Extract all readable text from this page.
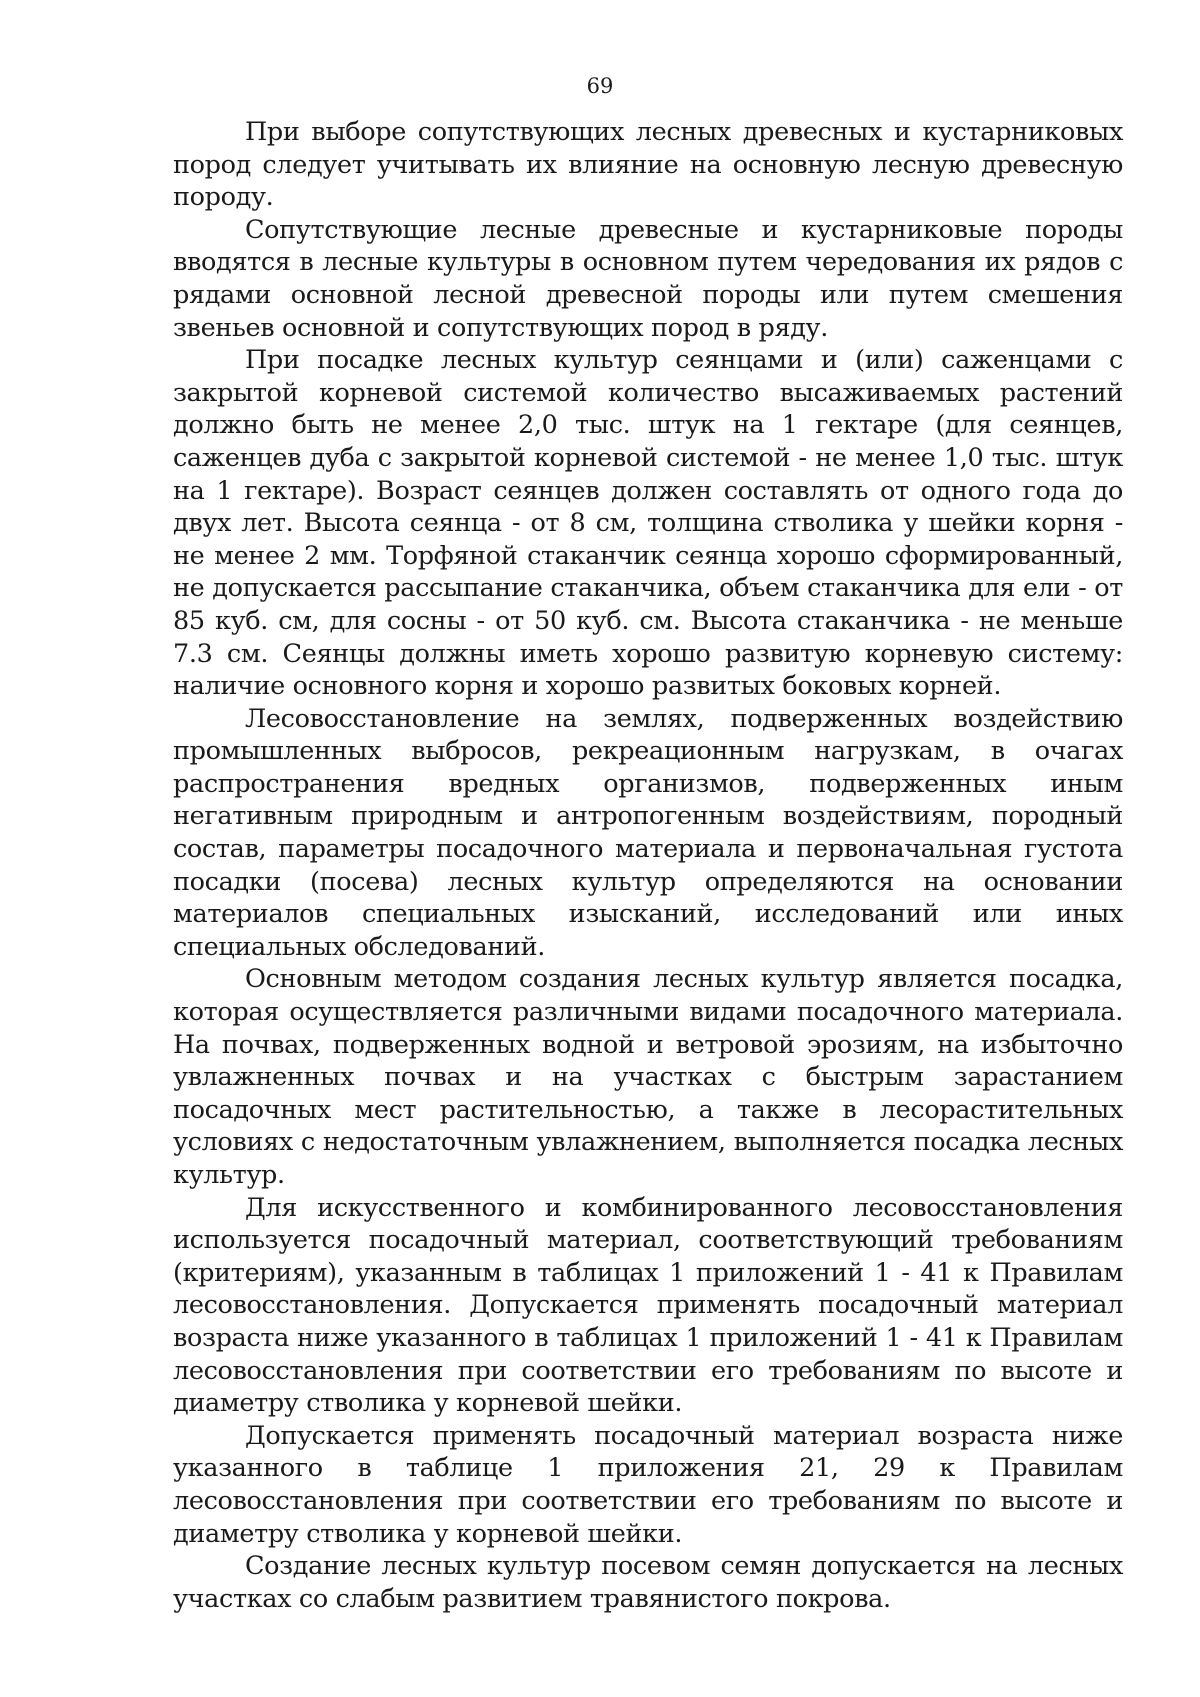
69

При выборе сопутствующих лесных древесных и кустарниковых пород следует учитывать их влияние на основную лесную древесную породу.

Сопутствующие лесные древесные и кустарниковые породы вводятся в лесные культуры в основном путем чередования их рядов с рядами основной лесной древесной породы или путем смешения звеньев основной и сопутствующих пород в ряду.

При посадке лесных культур сеянцами и (или) саженцами с закрытой корневой системой количество высаживаемых растений должно быть не менее 2,0 тыс. штук на 1 гектаре (для сеянцев, саженцев дуба с закрытой корневой системой - не менее 1,0 тыс. штук на 1 гектаре). Возраст сеянцев должен составлять от одного года до двух лет. Высота сеянца - от 8 см, толщина стволика у шейки корня - не менее 2 мм. Торфяной стаканчик сеянца хорошо сформированный, не допускается рассыпание стаканчика, объем стаканчика для ели - от 85 куб. см, для сосны - от 50 куб. см. Высота стаканчика - не меньше 7.3 см. Сеянцы должны иметь хорошо развитую корневую систему: наличие основного корня и хорошо развитых боковых корней.

Лесовосстановление на землях, подверженных воздействию промышленных выбросов, рекреационным нагрузкам, в очагах распространения вредных организмов, подверженных иным негативным природным и антропогенным воздействиям, породный состав, параметры посадочного материала и первоначальная густота посадки (посева) лесных культур определяются на основании материалов специальных изысканий, исследований или иных специальных обследований.

Основным методом создания лесных культур является посадка, которая осуществляется различными видами посадочного материала. На почвах, подверженных водной и ветровой эрозиям, на избыточно увлажненных почвах и на участках с быстрым зарастанием посадочных мест растительностью, а также в лесорастительных условиях с недостаточным увлажнением, выполняется посадка лесных культур.

Для искусственного и комбинированного лесовосстановления используется посадочный материал, соответствующий требованиям (критериям), указанным в таблицах 1 приложений 1 - 41 к Правилам лесовосстановления. Допускается применять посадочный материал возраста ниже указанного в таблицах 1 приложений 1 - 41 к Правилам лесовосстановления при соответствии его требованиям по высоте и диаметру стволика у корневой шейки.

Допускается применять посадочный материал возраста ниже указанного в таблице 1 приложения 21, 29 к Правилам лесовосстановления при соответствии его требованиям по высоте и диаметру стволика у корневой шейки.

Создание лесных культур посевом семян допускается на лесных участках со слабым развитием травянистого покрова.
